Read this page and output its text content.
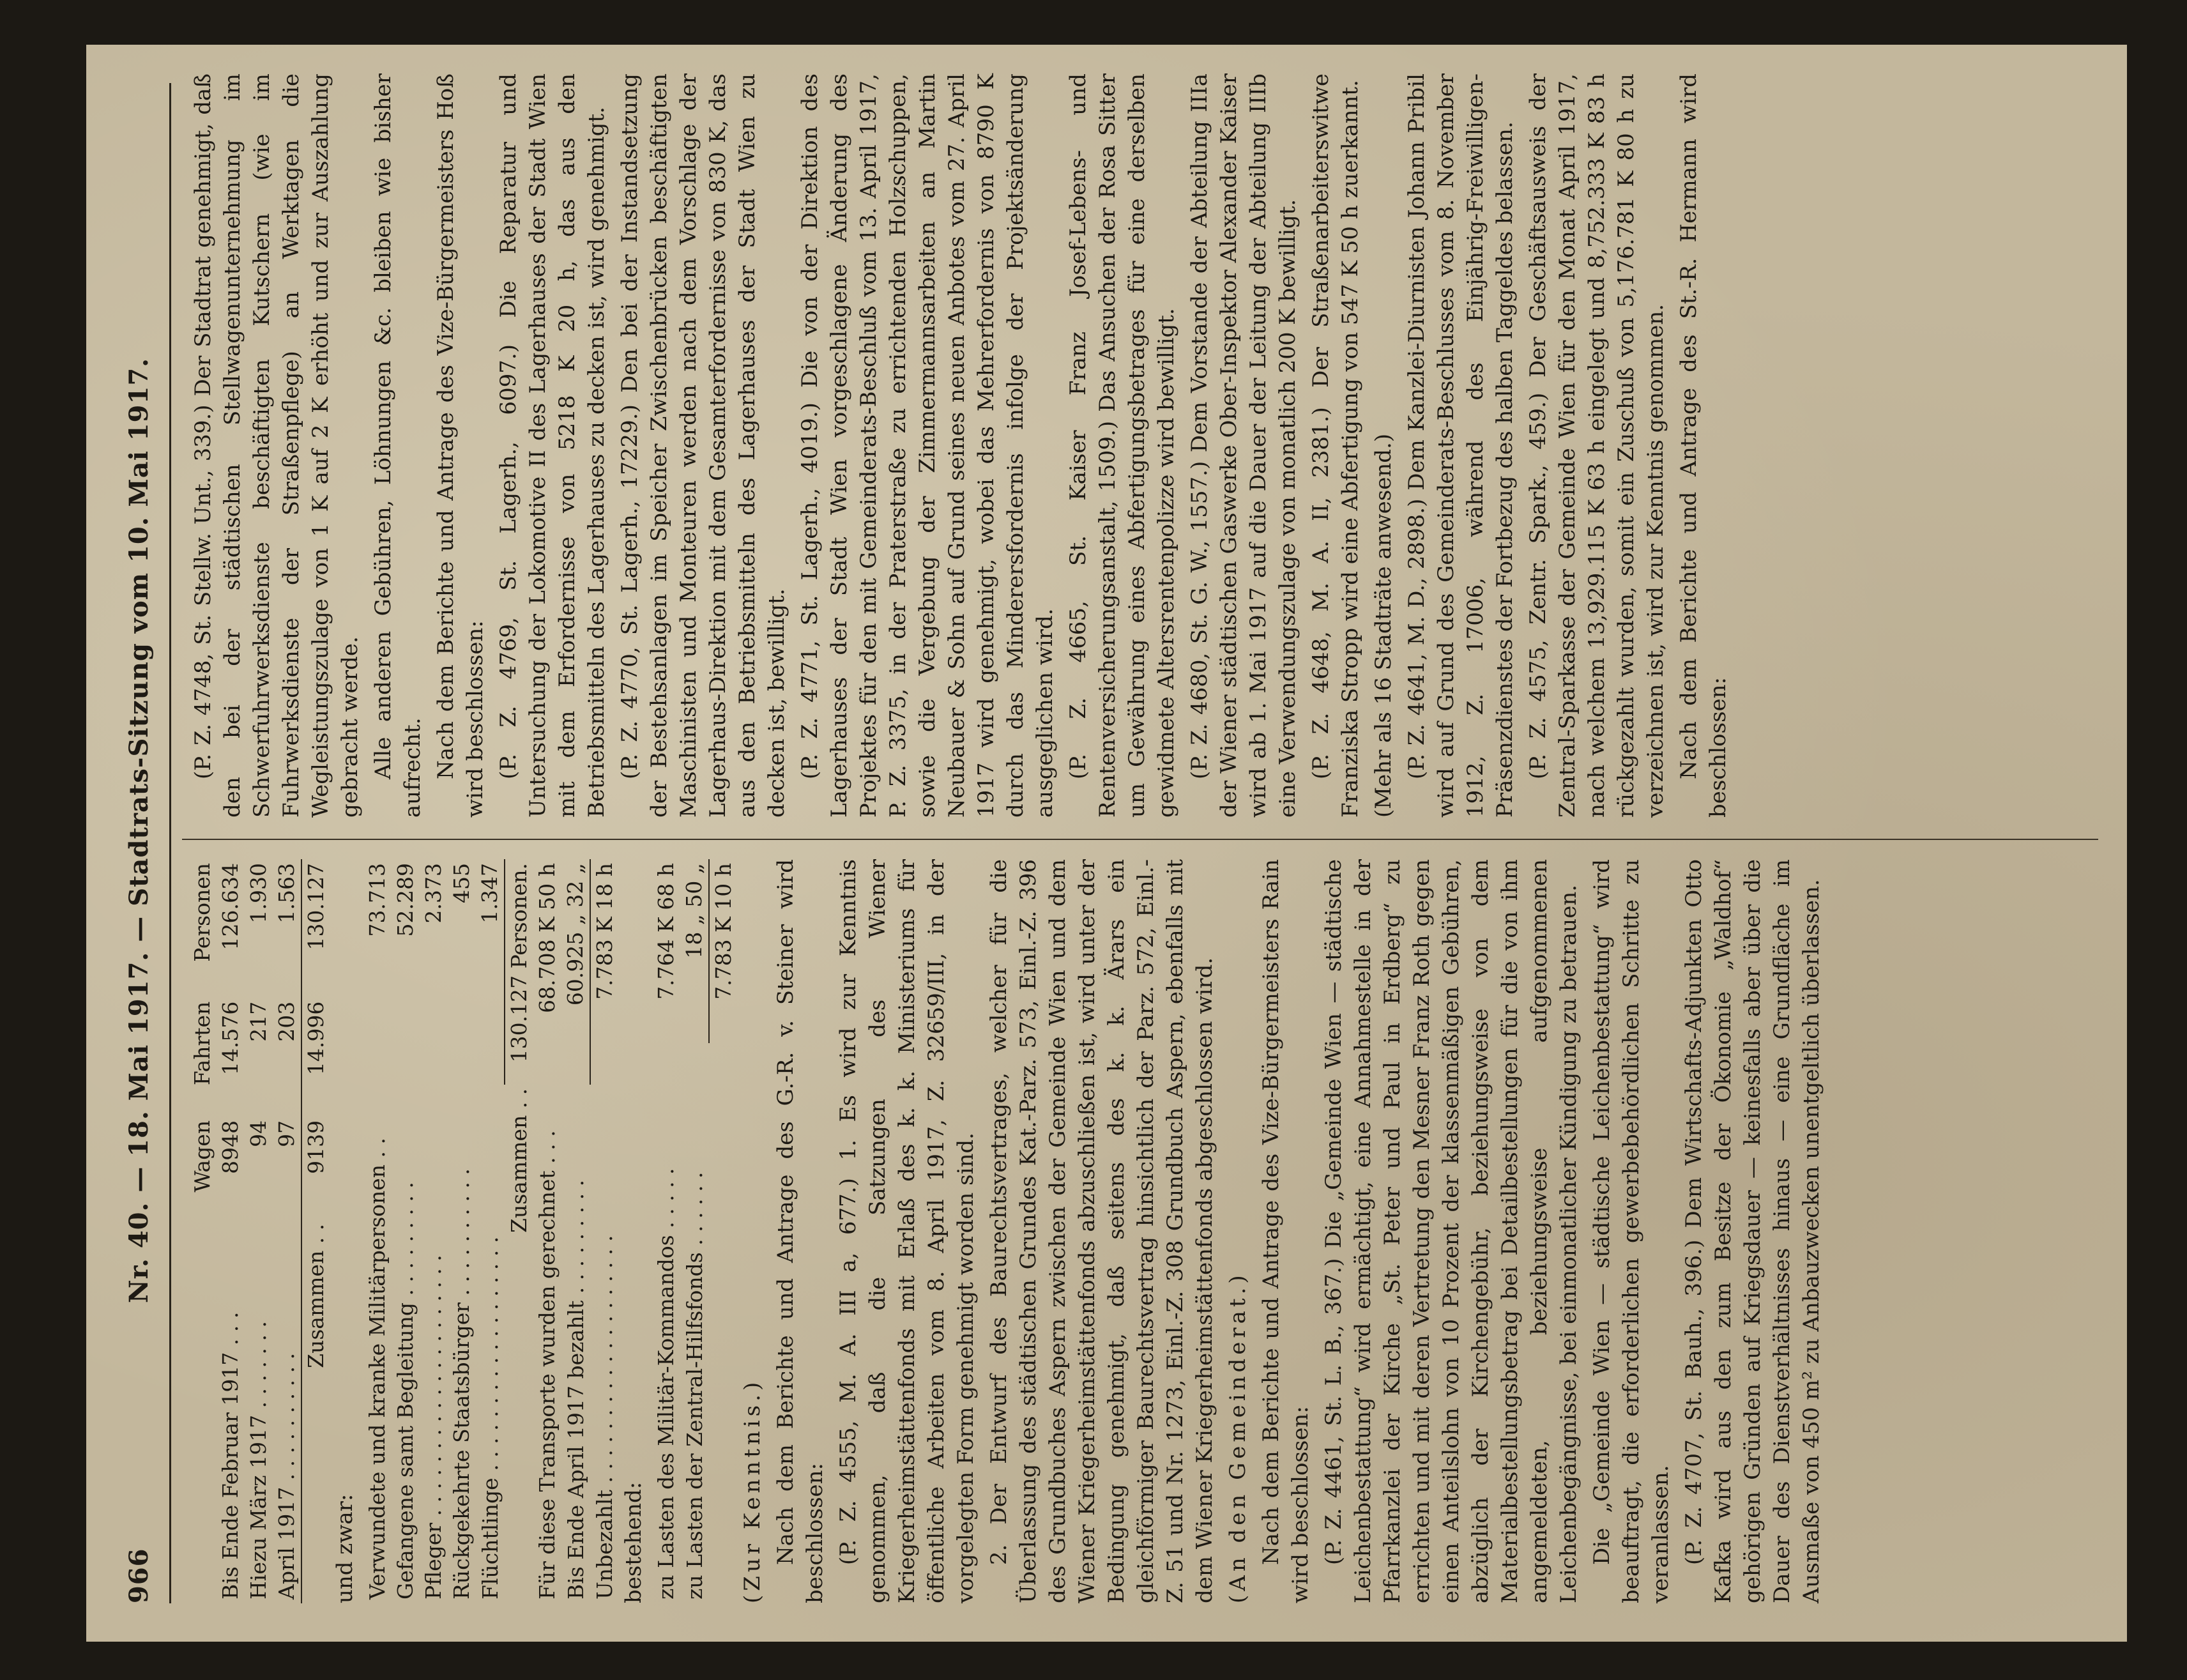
966
Nr. 40. — 18. Mai 1917. — Stadtrats-Sitzung vom 10. Mai 1917.
	Wagen	Fahrten	Personen
Bis Ende Februar 1917 . . .	8948	14.576	126.634
Hiezu März 1917 . . . . . . .	94	217	1.930
April 1917 . . . . . . . . . .	97	203	1.563
Zusammen . .	9139	14.996	130.127

und zwar: Verwundete und kranke Militärpersonen . .	73.713
Gefangene samt Begleitung . . . . . . . . .	52.289
Pfleger . . . . . . . . . . . . . . . . . . . .	2.373
Rückgekehrte Staatsbürger . . . . . . . . . .	455
Flüchtlinge . . . . . . . . . . . . . . . . . .	1.347
Zusammen . .	130.127 Personen.
Für diese Transporte wurden gerechnet . . .	68.708 K 50 h
Bis Ende April 1917 bezahlt . . . . . . . . .	60.925 „ 32 „
Unbezahlt . . . . . . . . . . . . . . . . . . .	7.783 K 18 h

bestehend: zu Lasten des Militär-Kommandos . . . . .	7.764 K 68 h
zu Lasten der Zentral-Hilfsfonds . . . . . .	18 „ 50 „
	7.783 K 10 h

(Zur Kenntnis.) Nach dem Berichte und Antrage des G.-R. v. Steiner wird beschlossen: (P. Z. 4555, M. A. III a, 677.) 1. Es wird zur Kenntnis genommen, daß die Satzungen des Wiener Kriegerheimstättenfonds mit Erlaß des k. k. Ministeriums für öffentliche Arbeiten vom 8. April 1917, Z. 32659/III, in der vorgelegten Form genehmigt worden sind. 2. Der Entwurf des Baurechtsvertrages, welcher für die Überlassung des städtischen Grundes Kat.-Parz. 573, Einl.-Z. 396 des Grundbuches Aspern zwischen der Gemeinde Wien und dem Wiener Kriegerheimstättenfonds abzuschließen ist, wird unter der Bedingung genehmigt, daß seitens des k. k. Ärars ein gleichförmiger Baurechtsvertrag hinsichtlich der Parz. 572, Einl.-Z. 51 und Nr. 1273, Einl.-Z. 308 Grundbuch Aspern, ebenfalls mit dem Wiener Kriegerheimstättenfonds abgeschlossen wird. (An den Gemeinderat.) Nach dem Berichte und Antrage des Vize-Bürgermeisters Rain wird beschlossen: (P. Z. 4461, St. L. B., 367.) Die „Gemeinde Wien — städtische Leichenbestattung“ wird ermächtigt, eine Annahmestelle in der Pfarrkanzlei der Kirche „St. Peter und Paul in Erdberg“ zu errichten und mit deren Vertretung den Mesner Franz Roth gegen einen Anteilslohn von 10 Prozent der klassenmäßigen Gebühren, abzüglich der Kirchengebühr, beziehungsweise von dem Materialbestellungsbetrag bei Detailbestellungen für die von ihm angemeldeten, beziehungsweise aufgenommenen Leichenbegängnisse, bei einmonatlicher Kündigung zu betrauen. Die „Gemeinde Wien — städtische Leichenbestattung“ wird beauftragt, die erforderlichen gewerbebehördlichen Schritte zu veranlassen. (P. Z. 4707, St. Bauh., 396.) Dem Wirtschafts-Adjunkten Otto Kafka wird aus den zum Besitze der Ökonomie „Waldhof“ gehörigen Gründen auf Kriegsdauer — keinesfalls aber über die Dauer des Dienstverhältnisses hinaus — eine Grundfläche im Ausmaße von 450 m² zu Anbauzwecken unentgeltlich überlassen.

(P. Z. 4748, St. Stellw. Unt., 339.) Der Stadtrat genehmigt, daß den bei der städtischen Stellwagenunternehmung im Schwerfuhrwerksdienste beschäftigten Kutschern (wie im Fuhrwerksdienste der Straßenpflege) an Werktagen die Wegleistungszulage von 1 K auf 2 K erhöht und zur Auszahlung gebracht werde. Alle anderen Gebühren, Löhnungen &c. bleiben wie bisher aufrecht. Nach dem Berichte und Antrage des Vize-Bürgermeisters Hoß wird beschlossen: (P. Z. 4769, St. Lagerh., 6097.) Die Reparatur und Untersuchung der Lokomotive II des Lagerhauses der Stadt Wien mit dem Erfordernisse von 5218 K 20 h, das aus den Betriebsmitteln des Lagerhauses zu decken ist, wird genehmigt. (P. Z. 4770, St. Lagerh., 17229.) Den bei der Instandsetzung der Bestehsanlagen im Speicher Zwischenbrücken beschäftigten Maschinisten und Monteuren werden nach dem Vorschlage der Lagerhaus-Direktion mit dem Gesamterfordernisse von 830 K, das aus den Betriebsmitteln des Lagerhauses der Stadt Wien zu decken ist, bewilligt. (P. Z. 4771, St. Lagerh., 4019.) Die von der Direktion des Lagerhauses der Stadt Wien vorgeschlagene Änderung des Projektes für den mit Gemeinderats-Beschluß vom 13. April 1917, P. Z. 3375, in der Praterstraße zu errichtenden Holzschuppen, sowie die Vergebung der Zimmermannsarbeiten an Martin Neubauer & Sohn auf Grund seines neuen Anbotes vom 27. April 1917 wird genehmigt, wobei das Mehrerfordernis von 8790 K durch das Minderersfordernis infolge der Projektsänderung ausgeglichen wird. (P. Z. 4665, St. Kaiser Franz Josef-Lebens- und Rentenversicherungsanstalt, 1509.) Das Ansuchen der Rosa Sitter um Gewährung eines Abfertigungsbetrages für eine derselben gewidmete Altersrentenpolizze wird bewilligt. (P. Z. 4680, St. G. W., 1557.) Dem Vorstande der Abteilung IIIa der Wiener städtischen Gaswerke Ober-Inspektor Alexander Kaiser wird ab 1. Mai 1917 auf die Dauer der Leitung der Abteilung IIIb eine Verwendungszulage von monatlich 200 K bewilligt. (P. Z. 4648, M. A. II, 2381.) Der Straßenarbeiterswitwe Franziska Stropp wird eine Abfertigung von 547 K 50 h zuerkannt. (Mehr als 16 Stadträte anwesend.) (P. Z. 4641, M. D., 2898.) Dem Kanzlei-Diurnisten Johann Pribil wird auf Grund des Gemeinderats-Beschlusses vom 8. November 1912, Z. 17006, während des Einjährig-Freiwilligen-Präsenzdienstes der Fortbezug des halben Taggeldes belassen. (P. Z. 4575, Zentr. Spark., 459.) Der Geschäftsausweis der Zentral-Sparkasse der Gemeinde Wien für den Monat April 1917, nach welchem 13,929.115 K 63 h eingelegt und 8,752.333 K 83 h rückgezahlt wurden, somit ein Zuschuß von 5,176.781 K 80 h zu verzeichnen ist, wird zur Kenntnis genommen. Nach dem Berichte und Antrage des St.-R. Hermann wird beschlossen:
